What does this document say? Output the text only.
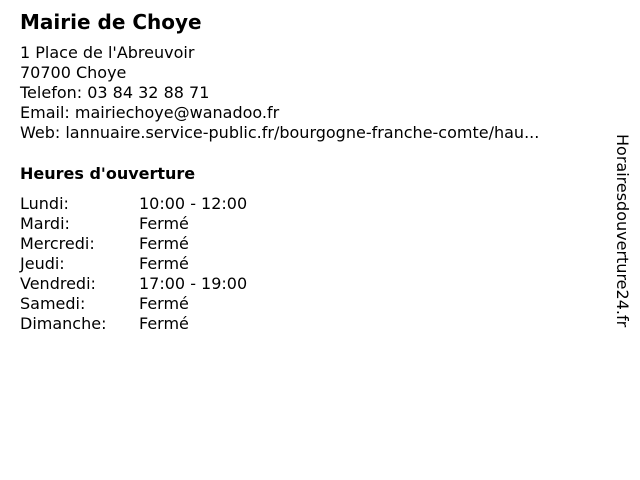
Mairie de Choye
1 Place de l'Abreuvoir
70700 Choye
Telefon: 03 84 32 88 71
Email: mairiechoye@wanadoo.fr
Web: lannuaire.service-public.fr/bourgogne-franche-comte/hau...
Heures d'ouverture
Lundi:	10:00 - 12:00
Mardi:	Fermé
Mercredi:	Fermé
Jeudi:	Fermé
Vendredi:	17:00 - 19:00
Samedi:	Fermé
Dimanche:	Fermé	Horairesdouverture24.fr
